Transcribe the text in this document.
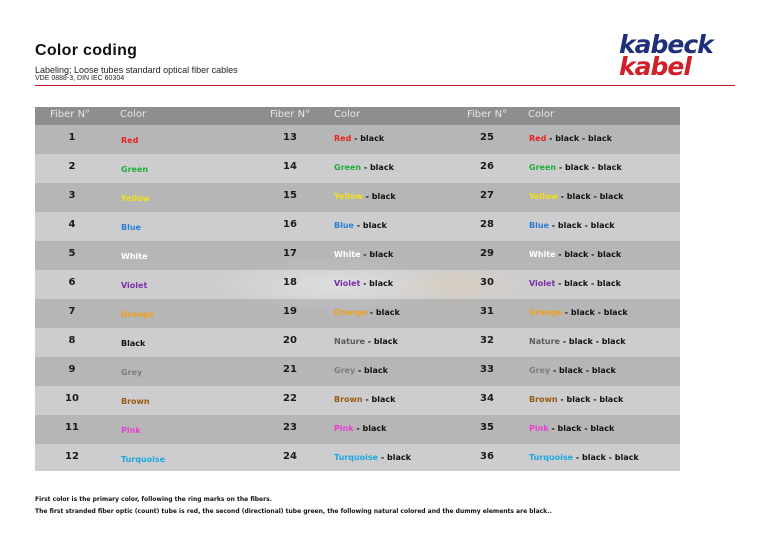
Color coding
Labeling; Loose tubes standard optical fiber cables
VDE 0888-3, DIN IEC 60304
kabeck
kabel
Fiber N°	Color	Fiber N° Color	Fiber N° Color
1	Red	13	Red - black	25	Red - black - black
2	Green	14	Green - black	26	Green - black - black
3	Yellow	15	Yellow - black	27	Yellow - black - black
4	Blue	16	Blue - black	28	Blue - black - black
5	White	17	White - black	29	White - black - black
6	Violet	18	Violet - black	30	Violet - black - black
7	Orange	19	Orange - black	31	Orange - black - black
8	Black	20	Nature - black	32	Nature - black - black
9	Grey	21	Grey - black	33	Grey - black - black
10	Brown	22	Brown - black	34	Brown - black - black
11	Pink	23	Pink - black	35	Pink - black - black
12	Turquoise	24	Turquoise - black	36	Turquoise - black - black
First color is the primary color, following the ring marks on the fibers.
The first stranded fiber optic (count) tube is red, the second (directional) tube green, the following natural colored and the dummy elements are black..
